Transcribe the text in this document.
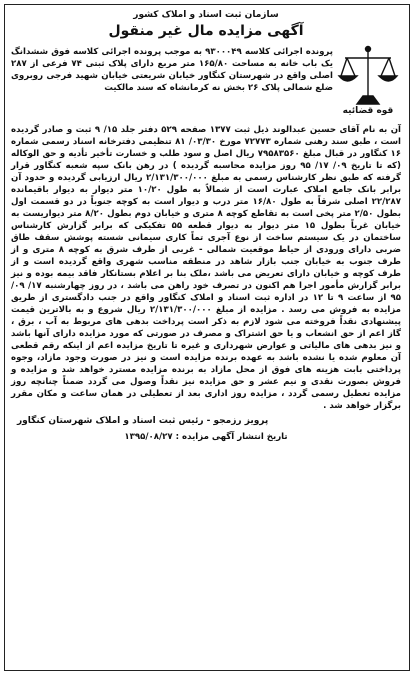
سازمان ثبت اسناد و املاک کشور
آگهی مزایده مال غیر منقول
قوه قضائیه
پرونده اجرائی کلاسه ۹۳۰۰۰۴۹ به موجب پرونده اجرائی کلاسه فوق ششدانگ یک باب خانه به مساحت ۱۶۵/۸۰ متر مربع دارای پلاک ثبتی ۷۴ فرعی از ۲۸۷ اصلی واقع در شهرستان کنگاور خیابان شریعتی خیابان شهید فرجی روبروی ضلع شمالی پلاک ۲۶ بخش نه کرمانشاه که سند مالکیت
آن به نام آقای حسین عبدالوند ذیل ثبت ۱۳۷۷ صفحه ۵۲۹ دفتر جلد ۱۵/ ۹ ثبت و صادر گردیده است ، طبق سند رهنی شماره ۷۲۷۷۳ مورخ ۰۳/۳۰/ ۸۱ تنظیمی دفترخانه اسناد رسمی شماره ۱۶ کنگاور در قبال مبلغ ۷۹۵۸۳۵۶۰ ریال اصل و سود طلب و خسارت تأخیر تأدیه و حق الوکاله (که تا تاریخ ۰۹/ ۱۷/ ۹۵ روز مزایده محاسبه گردیده ) در رهن بانک سپه شعبه کنگاور قرار گرفته که طبق نظر کارشناس رسمی به مبلغ ۲/۱۳۱/۳۰۰/۰۰۰ ریال ارزیابی گردیده و حدود آن برابر بانک جامع املاک عبارت است از شمالاً به طول ۱۰/۲۰ متر دیوار به دیوار باقیمانده ۲۲/۲۸۷ اصلی شرقاً به طول ۱۶/۸۰ متر درب و دیوار است به کوچه جنوباً در دو قسمت اول بطول ۲/۵۰ متر پخی است به تقاطع کوچه ۸ متری و خیابان دوم بطول ۸/۲۰ متر دیواریست به خیابان غرباً بطول ۱۵ متر دیوار به دیوار قطعه ۵۵ تفکیکی که برابر گزارش کارشناس ساختمان در یک سیستم ساخت از نوع آجری تماً کاری سیمانی شسته پوشش سقف طاق ضربی دارای ورودی از حیاط موقعیت شمالی - غربی از طرف شرق به کوچه ۸ متری و از طرف جنوب به خیابان جنب بازار شاهد در منطقه مناسب شهری واقع گردیده است و از طرف کوچه و خیابان دارای تعریض می باشد ،ملک بنا بر اعلام بستانکار فاقد بیمه بوده و نیز برابر گزارش مأمور اجرا هم اکنون در تصرف خود راهن می باشد ، در روز چهارشنبه ۱۷/ ۰۹/ ۹۵ از ساعت ۹ تا ۱۲ در اداره ثبت اسناد و املاک کنگاور واقع در جنب دادگستری از طریق مزایده به فروش می رسد . مزایده از مبلغ ۲/۱۳۱/۳۰۰/۰۰۰ ریال شروع و به بالاترین قیمت پیشنهادی نقداً فروخته می شود لازم به ذکر است پرداخت بدهی های مربوط به آب ، برق ، گاز اعم از حق انشعاب و یا حق اشتراک و مصرف در صورتی که مورد مزایده دارای آنها باشد و نیز بدهی های مالیاتی و عوارض شهرداری و غیره تا تاریخ مزایده اعم از اینکه رقم قطعی آن معلوم شده یا نشده باشد به عهده برنده مزایده است و نیز در صورت وجود مازاد، وجوه پرداختی بابت هزینه های فوق از محل مازاد به برنده مزایده مسترد خواهد شد و مزایده و فروش بصورت نقدی و نیم عشر و حق مزایده نیز نقداً وصول می گردد ضمناً چنانچه روز مزایده تعطیل رسمی گردد ، مزایده روز اداری بعد از تعطیلی در همان ساعت و مکان مقرر برگزار خواهد شد .
پرویز رزمجو - رئیس ثبت اسناد و املاک شهرستان کنگاور
تاریخ انتشار آگهی مزایده : ۱۳۹۵/۰۸/۲۷
